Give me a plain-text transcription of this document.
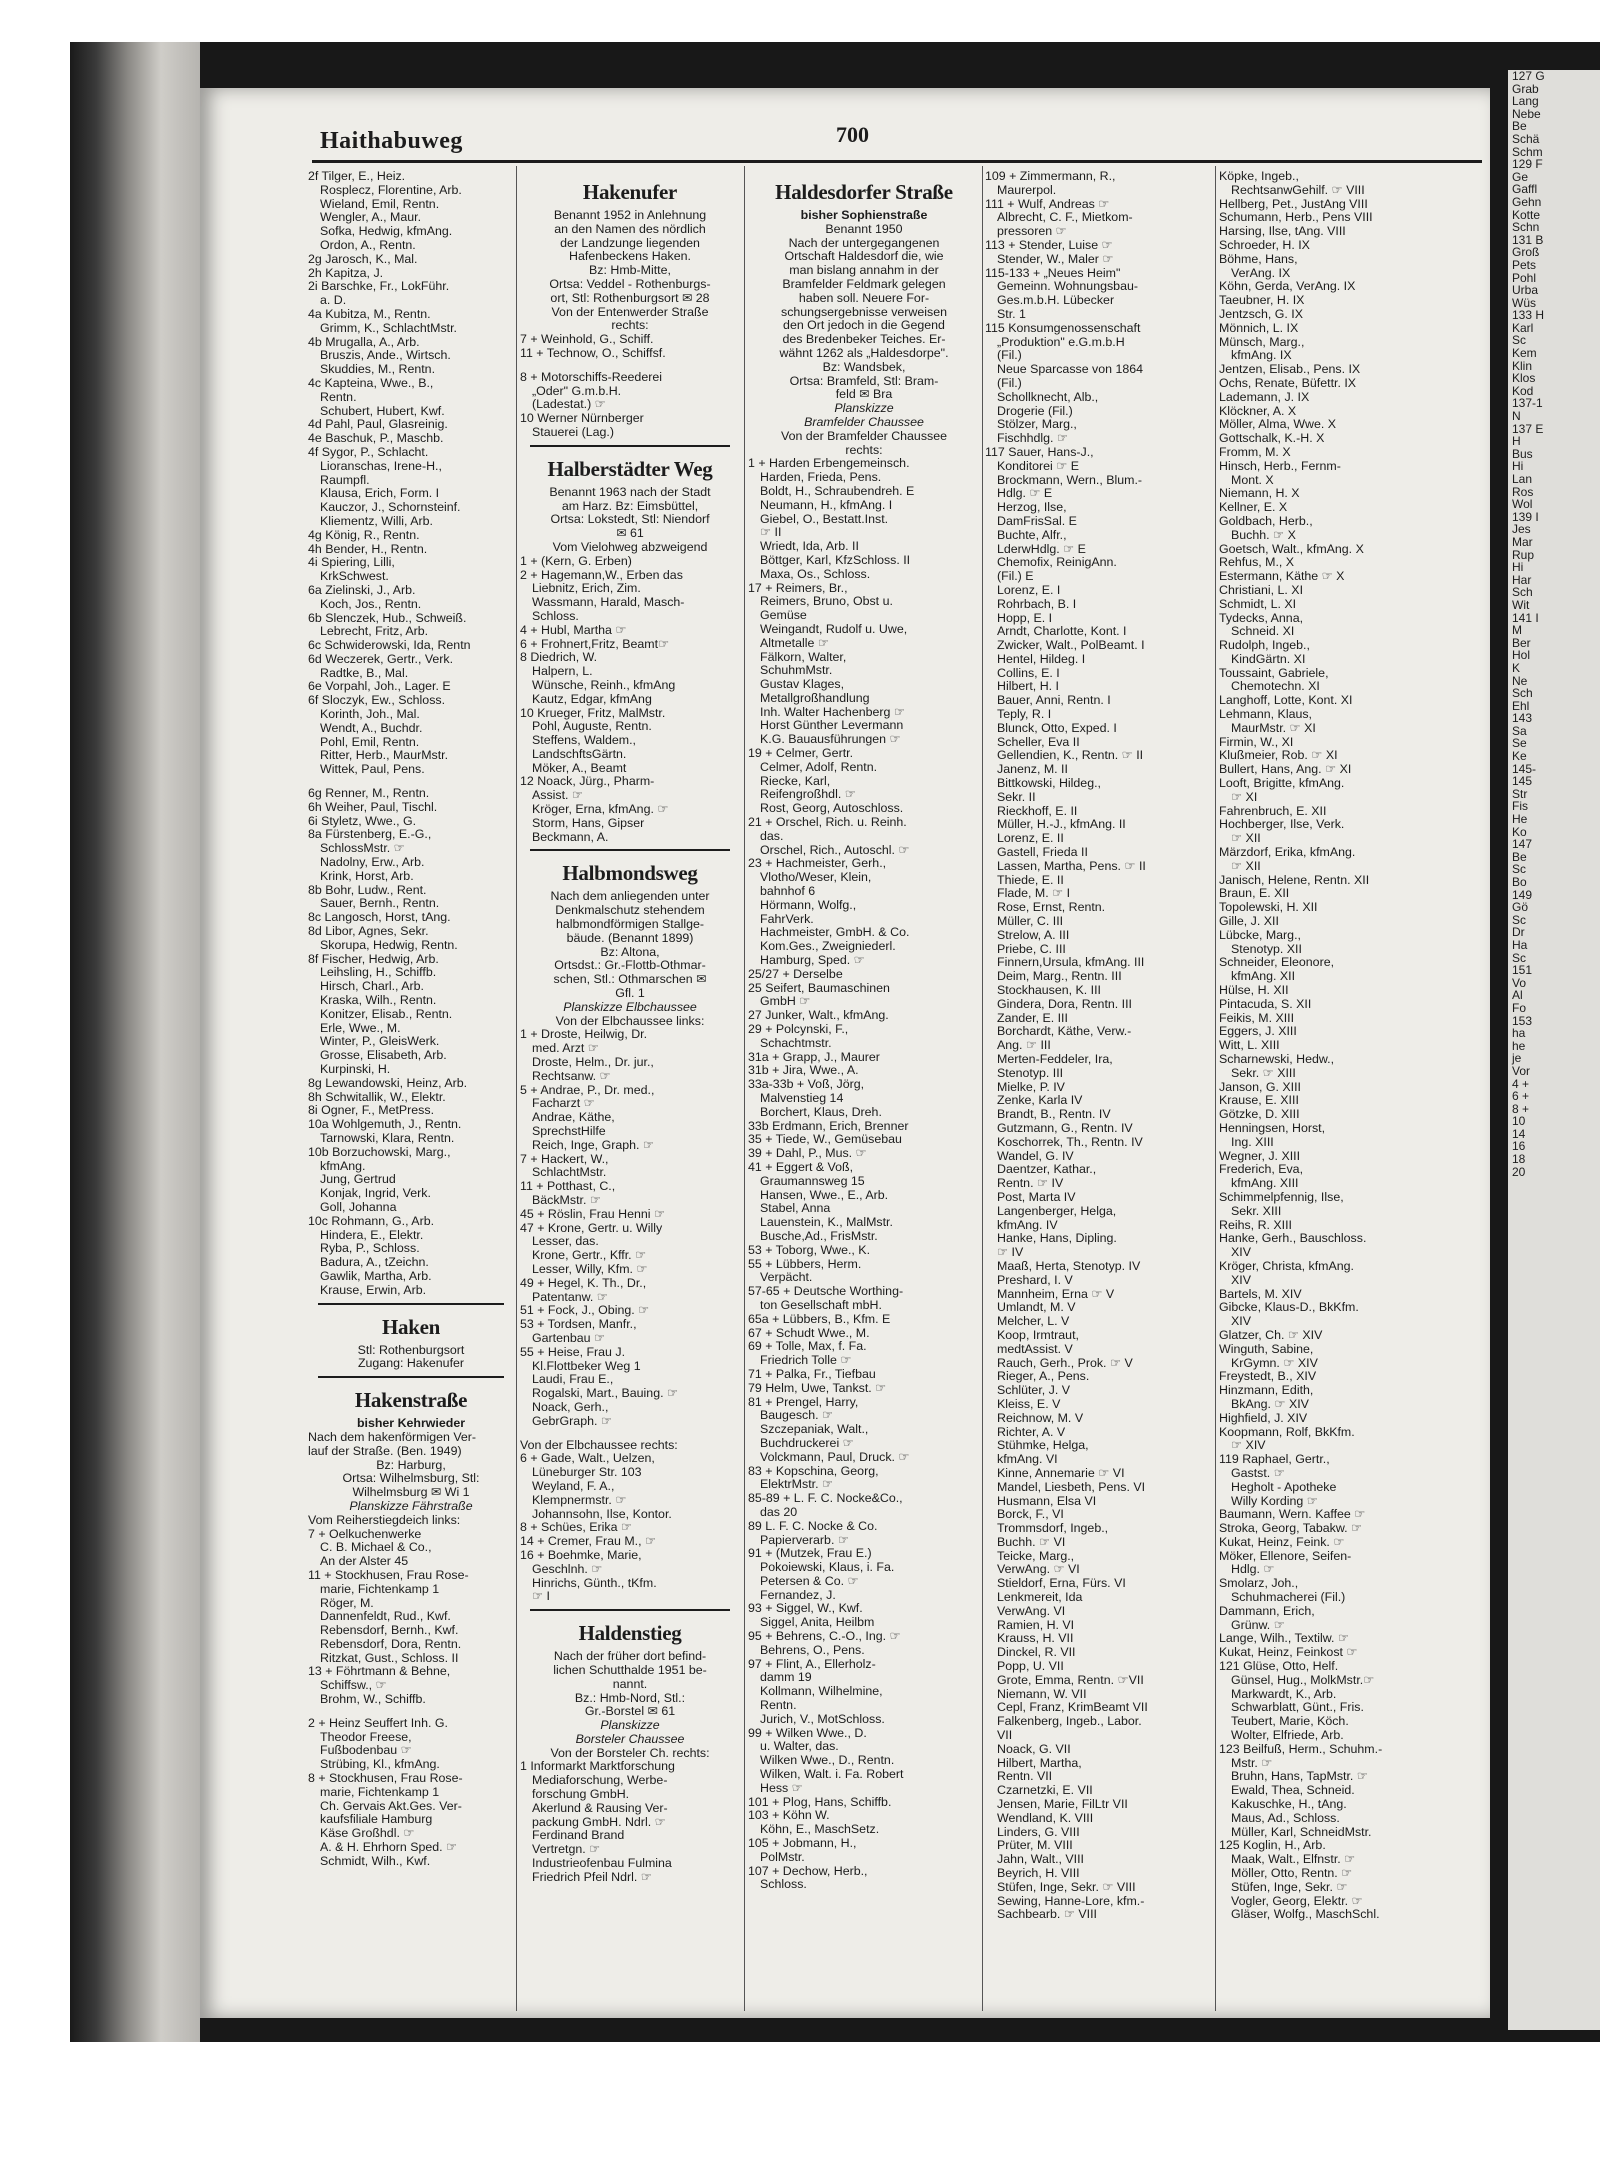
127 G
Grab
Lang
Nebe
Be
Schä
Schm
129 F
Ge
Gaffl
Gehn
Kotte
Schn
131 B
Groß
Pets
Pohl
Urba
Wüs
133 H
Karl
Sc
Kem
Klin
Klos
Kod
137-1
N
137 E
H
Bus
Hi
Lan
Ros
Wol
139 I
Jes
Mar
Rup
Hi
Har
Sch
Wit
141 I
M
Ber
Hol
K
Ne
Sch
Ehl
143
Sa
Se
Ke
145-
145
Str
Fis
He
Ko
147
Be
Sc
Bo
149
Gö
Sc
Dr
Ha
Sc
151
Vo
Al
Fo
153
ha
he
je
Vor
4 +
6 +
8 +
10
14
16
18
20
Haithabuweg	700
2f Tilger, E., Heiz.
Rosplecz, Florentine, Arb.
Wieland, Emil, Rentn.
Wengler, A., Maur.
Sofka, Hedwig, kfmAng.
Ordon, A., Rentn.
2g Jarosch, K., Mal.
2h Kapitza, J.
2i Barschke, Fr., LokFühr.
a. D.
4a Kubitza, M., Rentn.
Grimm, K., SchlachtMstr.
4b Mrugalla, A., Arb.
Bruszis, Ande., Wirtsch.
Skuddies, M., Rentn.
4c Kapteina, Wwe., B.,
Rentn.
Schubert, Hubert, Kwf.
4d Pahl, Paul, Glasreinig.
4e Baschuk, P., Maschb.
4f Sygor, P., Schlacht.
Lioranschas, Irene-H.,
Raumpfl.
Klausa, Erich, Form. I
Kauczor, J., Schornsteinf.
Kliementz, Willi, Arb.
4g König, R., Rentn.
4h Bender, H., Rentn.
4i Spiering, Lilli,
KrkSchwest.
6a Zielinski, J., Arb.
Koch, Jos., Rentn.
6b Slenczek, Hub., Schweiß.
Lebrecht, Fritz, Arb.
6c Schwiderowski, Ida, Rentn
6d Weczerek, Gertr., Verk.
Radtke, B., Mal.
6e Vorpahl, Joh., Lager. E
6f Sloczyk, Ew., Schloss.
Korinth, Joh., Mal.
Wendt, A., Buchdr.
Pohl, Emil, Rentn.
Ritter, Herb., MaurMstr.
Wittek, Paul, Pens.
6g Renner, M., Rentn.
6h Weiher, Paul, Tischl.
6i Styletz, Wwe., G.
8a Fürstenberg, E.-G.,
SchlossMstr. ☞
Nadolny, Erw., Arb.
Krink, Horst, Arb.
8b Bohr, Ludw., Rent.
Sauer, Bernh., Rentn.
8c Langosch, Horst, tAng.
8d Libor, Agnes, Sekr.
Skorupa, Hedwig, Rentn.
8f Fischer, Hedwig, Arb.
Leihsling, H., Schiffb.
Hirsch, Charl., Arb.
Kraska, Wilh., Rentn.
Konitzer, Elisab., Rentn.
Erle, Wwe., M.
Winter, P., GleisWerk.
Grosse, Elisabeth, Arb.
Kurpinski, H.
8g Lewandowski, Heinz, Arb.
8h Schwitallik, W., Elektr.
8i Ogner, F., MetPress.
10a Wohlgemuth, J., Rentn.
Tarnowski, Klara, Rentn.
10b Borzuchowski, Marg.,
kfmAng.
Jung, Gertrud
Konjak, Ingrid, Verk.
Goll, Johanna
10c Rohmann, G., Arb.
Hindera, E., Elektr.
Ryba, P., Schloss.
Badura, A., tZeichn.
Gawlik, Martha, Arb.
Krause, Erwin, Arb.
Haken
Stl: Rothenburgsort
Zugang: Hakenufer
Hakenstraße
bisher Kehrwieder
Nach dem hakenförmigen Ver-
lauf der Straße. (Ben. 1949)
Bz: Harburg,
Ortsa: Wilhelmsburg, Stl:
Wilhelmsburg ✉ Wi 1
Planskizze Fährstraße
Vom Reiherstiegdeich links:
7 + Oelkuchenwerke
C. B. Michael & Co.,
An der Alster 45
11 + Stockhusen, Frau Rose-
marie, Fichtenkamp 1
Röger, M.
Dannenfeldt, Rud., Kwf.
Rebensdorf, Bernh., Kwf.
Rebensdorf, Dora, Rentn.
Ritzkat, Gust., Schloss. II
13 + Föhrtmann & Behne,
Schiffsw., ☞
Brohm, W., Schiffb.
2 + Heinz Seuffert Inh. G.
Theodor Freese,
Fußbodenbau ☞
Strübing, Kl., kfmAng.
8 + Stockhusen, Frau Rose-
marie, Fichtenkamp 1
Ch. Gervais Akt.Ges. Ver-
kaufsfiliale Hamburg
Käse Großhdl. ☞
A. & H. Ehrhorn Sped. ☞
Schmidt, Wilh., Kwf.
Hakenufer
Benannt 1952 in Anlehnung
an den Namen des nördlich
der Landzunge liegenden
Hafenbeckens Haken.
Bz: Hmb-Mitte,
Ortsa: Veddel - Rothenburgs-
ort, Stl: Rothenburgsort ✉ 28
Von der Entenwerder Straße
rechts:
7 + Weinhold, G., Schiff.
11 + Technow, O., Schiffsf.
8 + Motorschiffs-Reederei
„Oder" G.m.b.H.
(Ladestat.) ☞
10 Werner Nürnberger
Stauerei (Lag.)
Halberstädter Weg
Benannt 1963 nach der Stadt
am Harz. Bz: Eimsbüttel,
Ortsa: Lokstedt, Stl: Niendorf
✉ 61
Vom Vielohweg abzweigend
1 + (Kern, G. Erben)
2 + Hagemann,W., Erben das
Liebnitz, Erich, Zim.
Wassmann, Harald, Masch-
Schloss.
4 + Hubl, Martha ☞
6 + Frohnert,Fritz, Beamt☞
8 Diedrich, W.
Halpern, L.
Wünsche, Reinh., kfmAng
Kautz, Edgar, kfmAng
10 Krueger, Fritz, MalMstr.
Pohl, Auguste, Rentn.
Steffens, Waldem.,
LandschftsGärtn.
Möker, A., Beamt
12 Noack, Jürg., Pharm-
Assist. ☞
Kröger, Erna, kfmAng. ☞
Storm, Hans, Gipser
Beckmann, A.
Halbmondsweg
Nach dem anliegenden unter
Denkmalschutz stehendem
halbmondförmigen Stallge-
bäude. (Benannt 1899)
Bz: Altona,
Ortsdst.: Gr.-Flottb-Othmar-
schen, Stl.: Othmarschen ✉
Gfl. 1
Planskizze Elbchaussee
Von der Elbchaussee links:
1 + Droste, Heilwig, Dr.
med. Arzt ☞
Droste, Helm., Dr. jur.,
Rechtsanw. ☞
5 + Andrae, P., Dr. med.,
Facharzt ☞
Andrae, Käthe,
SprechstHilfe
Reich, Inge, Graph. ☞
7 + Hackert, W.,
SchlachtMstr.
11 + Potthast, C.,
BäckMstr. ☞
45 + Röslin, Frau Henni ☞
47 + Krone, Gertr. u. Willy
Lesser, das.
Krone, Gertr., Kffr. ☞
Lesser, Willy, Kfm. ☞
49 + Hegel, K. Th., Dr.,
Patentanw. ☞
51 + Fock, J., Obing. ☞
53 + Tordsen, Manfr.,
Gartenbau ☞
55 + Heise, Frau J.
Kl.Flottbeker Weg 1
Laudi, Frau E.,
Rogalski, Mart., Bauing. ☞
Noack, Gerh.,
GebrGraph. ☞
Von der Elbchaussee rechts:
6 + Gade, Walt., Uelzen,
Lüneburger Str. 103
Weyland, F. A.,
Klempnermstr. ☞
Johannsohn, Ilse, Kontor.
8 + Schües, Erika ☞
14 + Cremer, Frau M., ☞
16 + Boehmke, Marie,
Geschlnh. ☞
Hinrichs, Günth., tKfm.
☞ I
Haldenstieg
Nach der früher dort befind-
lichen Schutthalde 1951 be-
nannt.
Bz.: Hmb-Nord, Stl.:
Gr.-Borstel ✉ 61
Planskizze
Borsteler Chaussee
Von der Borsteler Ch. rechts:
1 Informarkt Marktforschung
Mediaforschung, Werbe-
forschung GmbH.
Akerlund & Rausing Ver-
packung GmbH. Ndrl. ☞
Ferdinand Brand
Vertretgn. ☞
Industrieofenbau Fulmina
Friedrich Pfeil Ndrl. ☞
Haldesdorfer Straße
bisher Sophienstraße
Benannt 1950
Nach der untergegangenen
Ortschaft Haldesdorf die, wie
man bislang annahm in der
Bramfelder Feldmark gelegen
haben soll. Neuere For-
schungsergebnisse verweisen
den Ort jedoch in die Gegend
des Bredenbeker Teiches. Er-
wähnt 1262 als „Haldesdorpe".
Bz: Wandsbek,
Ortsa: Bramfeld, Stl: Bram-
feld ✉ Bra
Planskizze
Bramfelder Chaussee
Von der Bramfelder Chaussee
rechts:
1 + Harden Erbengemeinsch.
Harden, Frieda, Pens.
Boldt, H., Schraubendreh. E
Neumann, H., kfmAng. I
Giebel, O., Bestatt.Inst.
☞ II
Wriedt, Ida, Arb. II
Böttger, Karl, KfzSchloss. II
Maxa, Os., Schloss.
17 + Reimers, Br.,
Reimers, Bruno, Obst u.
Gemüse
Weingandt, Rudolf u. Uwe,
Altmetalle ☞
Fälkorn, Walter,
SchuhmMstr.
Gustav Klages,
Metallgroßhandlung
Inh. Walter Hachenberg ☞
Horst Günther Levermann
K.G. Bauausführungen ☞
19 + Celmer, Gertr.
Celmer, Adolf, Rentn.
Riecke, Karl,
Reifengroßhdl. ☞
Rost, Georg, Autoschloss.
21 + Orschel, Rich. u. Reinh.
das.
Orschel, Rich., Autoschl. ☞
23 + Hachmeister, Gerh.,
Vlotho/Weser, Klein,
bahnhof 6
Hörmann, Wolfg.,
FahrVerk.
Hachmeister, GmbH. & Co.
Kom.Ges., Zweigniederl.
Hamburg, Sped. ☞
25/27 + Derselbe
25 Seifert, Baumaschinen
GmbH ☞
27 Junker, Walt., kfmAng.
29 + Polcynski, F.,
Schachtmstr.
31a + Grapp, J., Maurer
31b + Jira, Wwe., A.
33a-33b + Voß, Jörg,
Malvenstieg 14
Borchert, Klaus, Dreh.
33b Erdmann, Erich, Brenner
35 + Tiede, W., Gemüsebau
39 + Dahl, P., Mus. ☞
41 + Eggert & Voß,
Graumannsweg 15
Hansen, Wwe., E., Arb.
Stabel, Anna
Lauenstein, K., MalMstr.
Busche,Ad., FrisMstr.
53 + Toborg, Wwe., K.
55 + Lübbers, Herm.
Verpächt.
57-65 + Deutsche Worthing-
ton Gesellschaft mbH.
65a + Lübbers, B., Kfm. E
67 + Schudt Wwe., M.
69 + Tolle, Max, f. Fa.
Friedrich Tolle ☞
71 + Palka, Fr., Tiefbau
79 Helm, Uwe, Tankst. ☞
81 + Prengel, Harry,
Baugesch. ☞
Szczepaniak, Walt.,
Buchdruckerei ☞
Volckmann, Paul, Druck. ☞
83 + Kopschina, Georg,
ElektrMstr. ☞
85-89 + L. F. C. Nocke&Co.,
das 20
89 L. F. C. Nocke & Co.
Papierverarb. ☞
91 + (Mutzek, Frau E.)
Pokoiewski, Klaus, i. Fa.
Petersen & Co. ☞
Fernandez, J.
93 + Siggel, W., Kwf.
Siggel, Anita, Heilbm
95 + Behrens, C.-O., Ing. ☞
Behrens, O., Pens.
97 + Flint, A., Ellerholz-
damm 19
Kollmann, Wilhelmine,
Rentn.
Jurich, V., MotSchloss.
99 + Wilken Wwe., D.
u. Walter, das.
Wilken Wwe., D., Rentn.
Wilken, Walt. i. Fa. Robert
Hess ☞
101 + Plog, Hans, Schiffb.
103 + Köhn W.
Köhn, E., MaschSetz.
105 + Jobmann, H.,
PolMstr.
107 + Dechow, Herb.,
Schloss.
109 + Zimmermann, R.,
Maurerpol.
111 + Wulf, Andreas ☞
Albrecht, C. F., Mietkom-
pressoren ☞
113 + Stender, Luise ☞
Stender, W., Maler ☞
115-133 + „Neues Heim"
Gemeinn. Wohnungsbau-
Ges.m.b.H. Lübecker
Str. 1
115 Konsumgenossenschaft
„Produktion" e.G.m.b.H
(Fil.)
Neue Sparcasse von 1864
(Fil.)
Schollknecht, Alb.,
Drogerie (Fil.)
Stölzer, Marg.,
Fischhdlg. ☞
117 Sauer, Hans-J.,
Konditorei ☞ E
Brockmann, Wern., Blum.-
Hdlg. ☞ E
Herzog, Ilse,
DamFrisSal. E
Buchte, Alfr.,
LderwHdlg. ☞ E
Chemofix, ReinigAnn.
(Fil.) E
Lorenz, E. I
Rohrbach, B. I
Hopp, E. I
Arndt, Charlotte, Kont. I
Zwicker, Walt., PolBeamt. I
Hentel, Hildeg. I
Collins, E. I
Hilbert, H. I
Bauer, Anni, Rentn. I
Teply, R. I
Blunck, Otto, Exped. I
Scheller, Eva II
Gellendien, K., Rentn. ☞ II
Janenz, M. II
Bittkowski, Hildeg.,
Sekr. II
Rieckhoff, E. II
Müller, H.-J., kfmAng. II
Lorenz, E. II
Gastell, Frieda II
Lassen, Martha, Pens. ☞ II
Thiede, E. II
Flade, M. ☞ I
Rose, Ernst, Rentn.
Müller, C. III
Strelow, A. III
Priebe, C. III
Finnern,Ursula, kfmAng. III
Deim, Marg., Rentn. III
Stockhausen, K. III
Gindera, Dora, Rentn. III
Zander, E. III
Borchardt, Käthe, Verw.-
Ang. ☞ III
Merten-Feddeler, Ira,
Stenotyp. III
Mielke, P. IV
Zenke, Karla IV
Brandt, B., Rentn. IV
Gutzmann, G., Rentn. IV
Koschorrek, Th., Rentn. IV
Wandel, G. IV
Daentzer, Kathar.,
Rentn. ☞ IV
Post, Marta IV
Langenberger, Helga,
kfmAng. IV
Hanke, Hans, Dipling.
☞ IV
Maaß, Herta, Stenotyp. IV
Preshard, I. V
Mannheim, Erna ☞ V
Umlandt, M. V
Melcher, L. V
Koop, Irmtraut,
medtAssist. V
Rauch, Gerh., Prok. ☞ V
Rieger, A., Pens.
Schlüter, J. V
Kleiss, E. V
Reichnow, M. V
Richter, A. V
Stühmke, Helga,
kfmAng. VI
Kinne, Annemarie ☞ VI
Mandel, Liesbeth, Pens. VI
Husmann, Elsa VI
Borck, F., VI
Trommsdorf, Ingeb.,
Buchh. ☞ VI
Teicke, Marg.,
VerwAng. ☞ VI
Stieldorf, Erna, Fürs. VI
Lenkmereit, Ida
VerwAng. VI
Ramien, H. VI
Krauss, H. VII
Dinckel, R. VII
Popp, U. VII
Grote, Emma, Rentn. ☞VII
Niemann, W. VII
Cepl, Franz, KrimBeamt VII
Falkenberg, Ingeb., Labor.
VII
Noack, G. VII
Hilbert, Martha,
Rentn. VII
Czarnetzki, E. VII
Jensen, Marie, FilLtr VII
Wendland, K. VIII
Linders, G. VIII
Prüter, M. VIII
Jahn, Walt., VIII
Beyrich, H. VIII
Stüfen, Inge, Sekr. ☞ VIII
Sewing, Hanne-Lore, kfm.-
Sachbearb. ☞ VIII
Köpke, Ingeb.,
RechtsanwGehilf. ☞ VIII
Hellberg, Pet., JustAng VIII
Schumann, Herb., Pens VIII
Harsing, Ilse, tAng. VIII
Schroeder, H. IX
Böhme, Hans,
VerAng. IX
Köhn, Gerda, VerAng. IX
Taeubner, H. IX
Jentzsch, G. IX
Mönnich, L. IX
Münsch, Marg.,
kfmAng. IX
Jentzen, Elisab., Pens. IX
Ochs, Renate, Büfettr. IX
Lademann, J. IX
Klöckner, A. X
Möller, Alma, Wwe. X
Gottschalk, K.-H. X
Fromm, M. X
Hinsch, Herb., Fernm-
Mont. X
Niemann, H. X
Kellner, E. X
Goldbach, Herb.,
Buchh. ☞ X
Goetsch, Walt., kfmAng. X
Rehfus, M., X
Estermann, Käthe ☞ X
Christiani, L. XI
Schmidt, L. XI
Tydecks, Anna,
Schneid. XI
Rudolph, Ingeb.,
KindGärtn. XI
Toussaint, Gabriele,
Chemotechn. XI
Langhoff, Lotte, Kont. XI
Lehmann, Klaus,
MaurMstr. ☞ XI
Firmin, W., XI
Klußmeier, Rob. ☞ XI
Bullert, Hans, Ang. ☞ XI
Looft, Brigitte, kfmAng.
☞ XI
Fahrenbruch, E. XII
Hochberger, Ilse, Verk.
☞ XII
Märzdorf, Erika, kfmAng.
☞ XII
Janisch, Helene, Rentn. XII
Braun, E. XII
Topolewski, H. XII
Gille, J. XII
Lübcke, Marg.,
Stenotyp. XII
Schneider, Eleonore,
kfmAng. XII
Hülse, H. XII
Pintacuda, S. XII
Feikis, M. XIII
Eggers, J. XIII
Witt, L. XIII
Scharnewski, Hedw.,
Sekr. ☞ XIII
Janson, G. XIII
Krause, E. XIII
Götzke, D. XIII
Henningsen, Horst,
Ing. XIII
Wegner, J. XIII
Frederich, Eva,
kfmAng. XIII
Schimmelpfennig, Ilse,
Sekr. XIII
Reihs, R. XIII
Hanke, Gerh., Bauschloss.
XIV
Kröger, Christa, kfmAng.
XIV
Bartels, M. XIV
Gibcke, Klaus-D., BkKfm.
XIV
Glatzer, Ch. ☞ XIV
Winguth, Sabine,
KrGymn. ☞ XIV
Freystedt, B., XIV
Hinzmann, Edith,
BkAng. ☞ XIV
Highfield, J. XIV
Koopmann, Rolf, BkKfm.
☞ XIV
119 Raphael, Gertr.,
Gastst. ☞
Hegholt - Apotheke
Willy Kording ☞
Baumann, Wern. Kaffee ☞
Stroka, Georg, Tabakw. ☞
Kukat, Heinz, Feink. ☞
Möker, Ellenore, Seifen-
Hdlg. ☞
Smolarz, Joh.,
Schuhmacherei (Fil.)
Dammann, Erich,
Grünw. ☞
Lange, Wilh., Textilw. ☞
Kukat, Heinz, Feinkost ☞
121 Glüse, Otto, Helf.
Günsel, Hug., MolkMstr.☞
Markwardt, K., Arb.
Schwarblatt, Günt., Fris.
Teubert, Marie, Köch.
Wolter, Elfriede, Arb.
123 Beilfuß, Herm., Schuhm.-
Mstr. ☞
Bruhn, Hans, TapMstr. ☞
Ewald, Thea, Schneid.
Kakuschke, H., tAng.
Maus, Ad., Schloss.
Müller, Karl, SchneidMstr.
125 Koglin, H., Arb.
Maak, Walt., Elfnstr. ☞
Möller, Otto, Rentn. ☞
Stüfen, Inge, Sekr. ☞
Vogler, Georg, Elektr. ☞
Gläser, Wolfg., MaschSchl.
